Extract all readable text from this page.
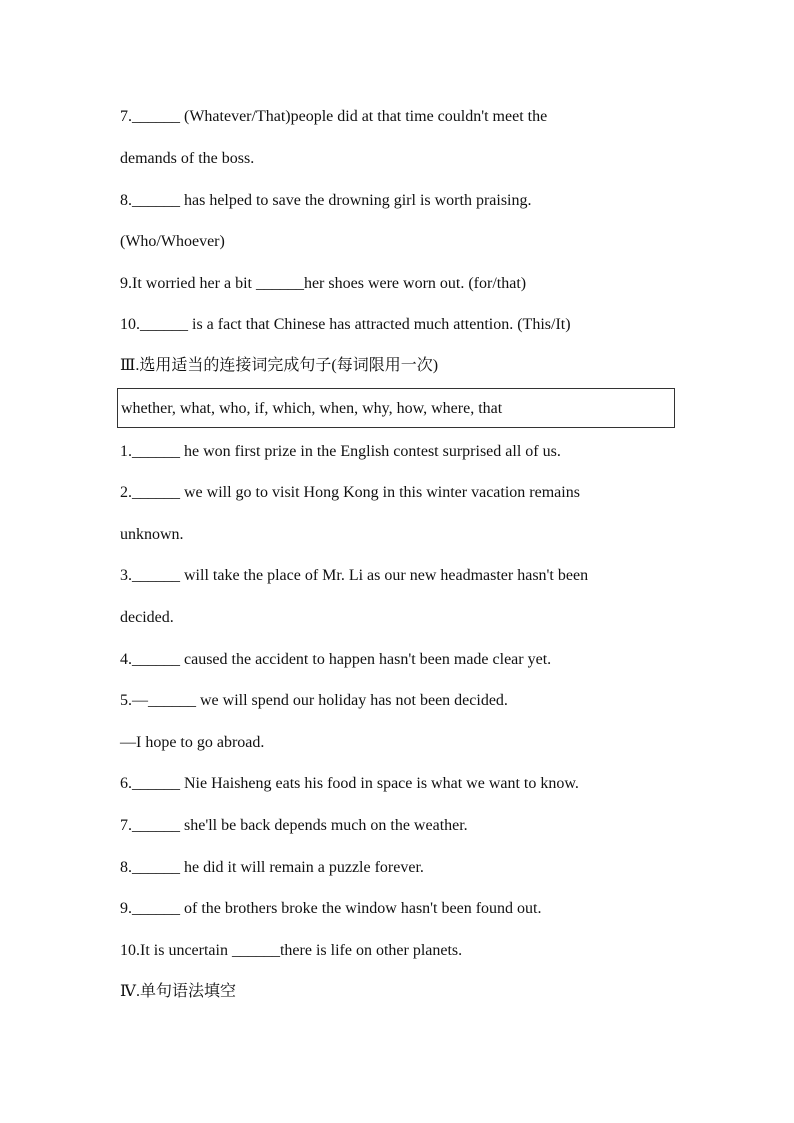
7.______ (Whatever/That)people did at that time couldn't meet the
demands of the boss.
8.______ has helped to save the drowning girl is worth praising.
(Who/Whoever)
9.It worried her a bit ______her shoes were worn out. (for/that)
10.______ is a fact that Chinese has attracted much attention. (This/It)
Ⅲ.选用适当的连接词完成句子(每词限用一次)
whether, what, who, if, which, when, why, how, where, that
1.______ he won first prize in the English contest surprised all of us.
2.______ we will go to visit Hong Kong in this winter vacation remains
unknown.
3.______ will take the place of Mr. Li as our new headmaster hasn't been
decided.
4.______ caused the accident to happen hasn't been made clear yet.
5.—______ we will spend our holiday has not been decided.
—I hope to go abroad.
6.______ Nie Haisheng eats his food in space is what we want to know.
7.______ she'll be back depends much on the weather.
8.______ he did it will remain a puzzle forever.
9.______ of the brothers broke the window hasn't been found out.
10.It is uncertain ______there is life on other planets.
Ⅳ.单句语法填空
